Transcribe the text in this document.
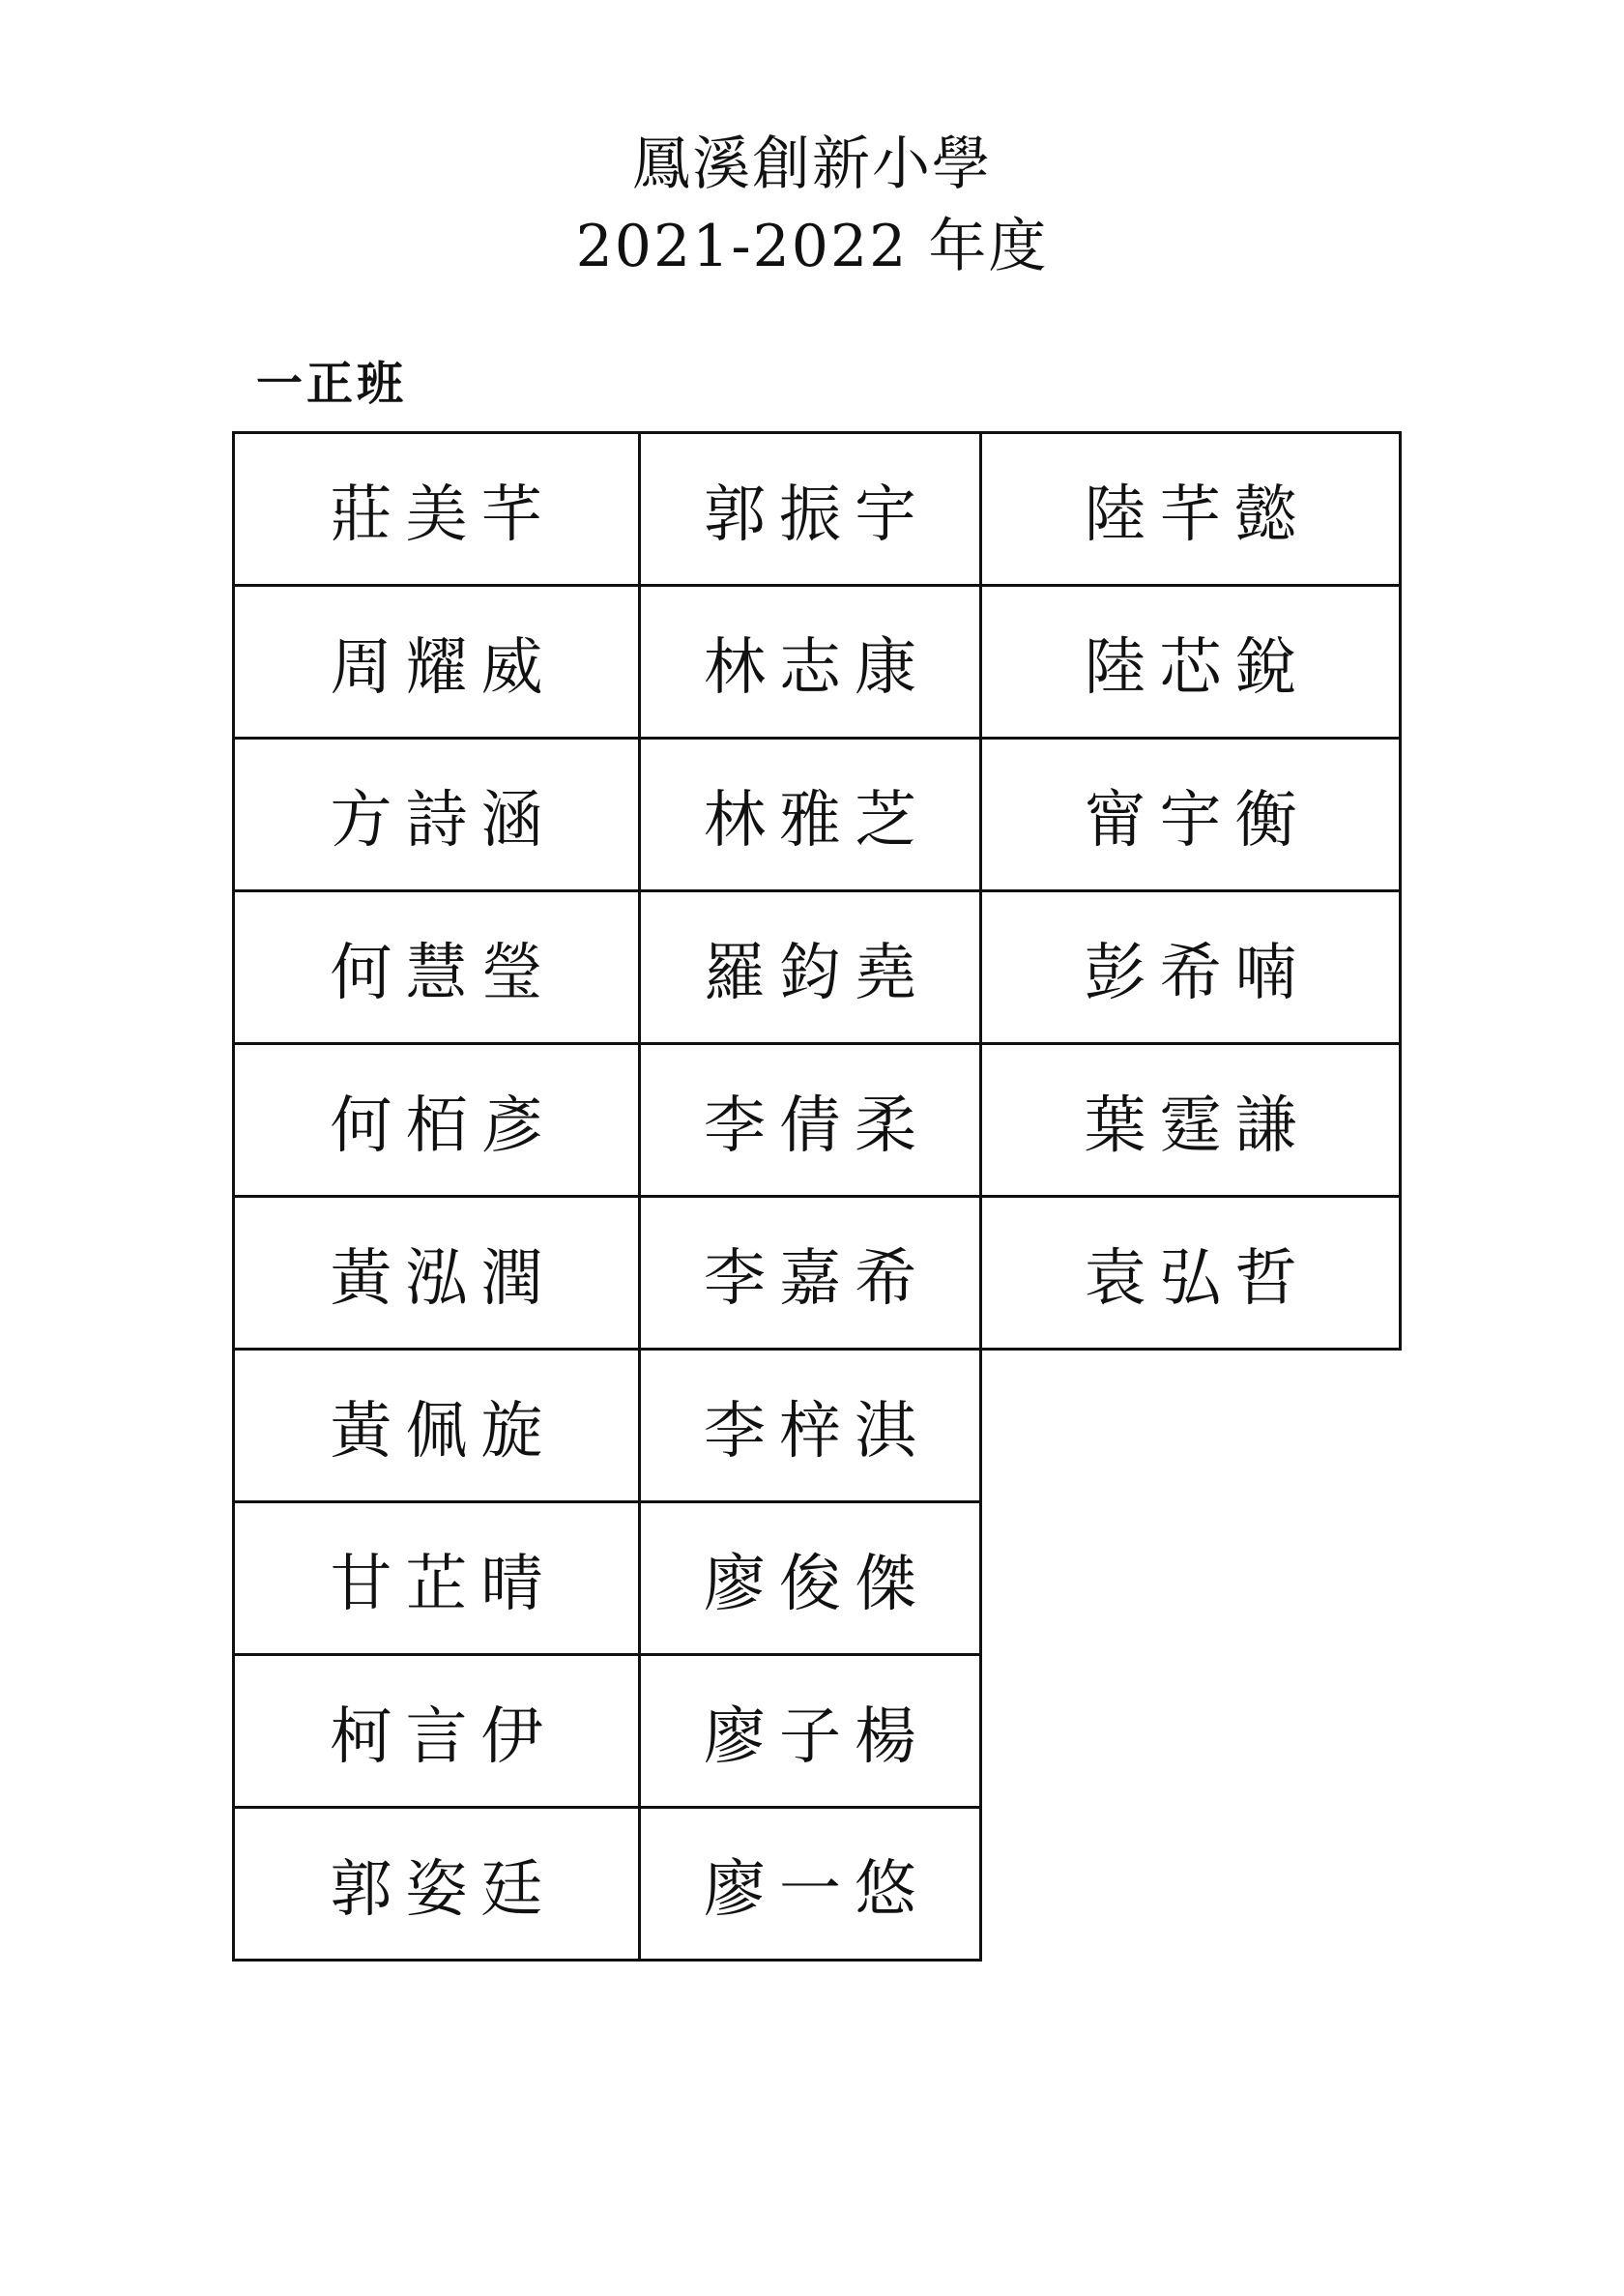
鳳溪創新小學
2021-2022 年度
一正班
莊美芊
周耀威
方詩涵
何慧瑩
何栢彥
黃泓潤
黃佩旋
甘芷晴
柯言伊
郭姿廷
郭振宇
林志康
林雅芝
羅鈞堯
李倩柔
李嘉希
李梓淇
廖俊傑
廖子楊
廖一悠
陸芊懿
陸芯銳
甯宇衡
彭希喃
葉霆謙
袁弘哲
